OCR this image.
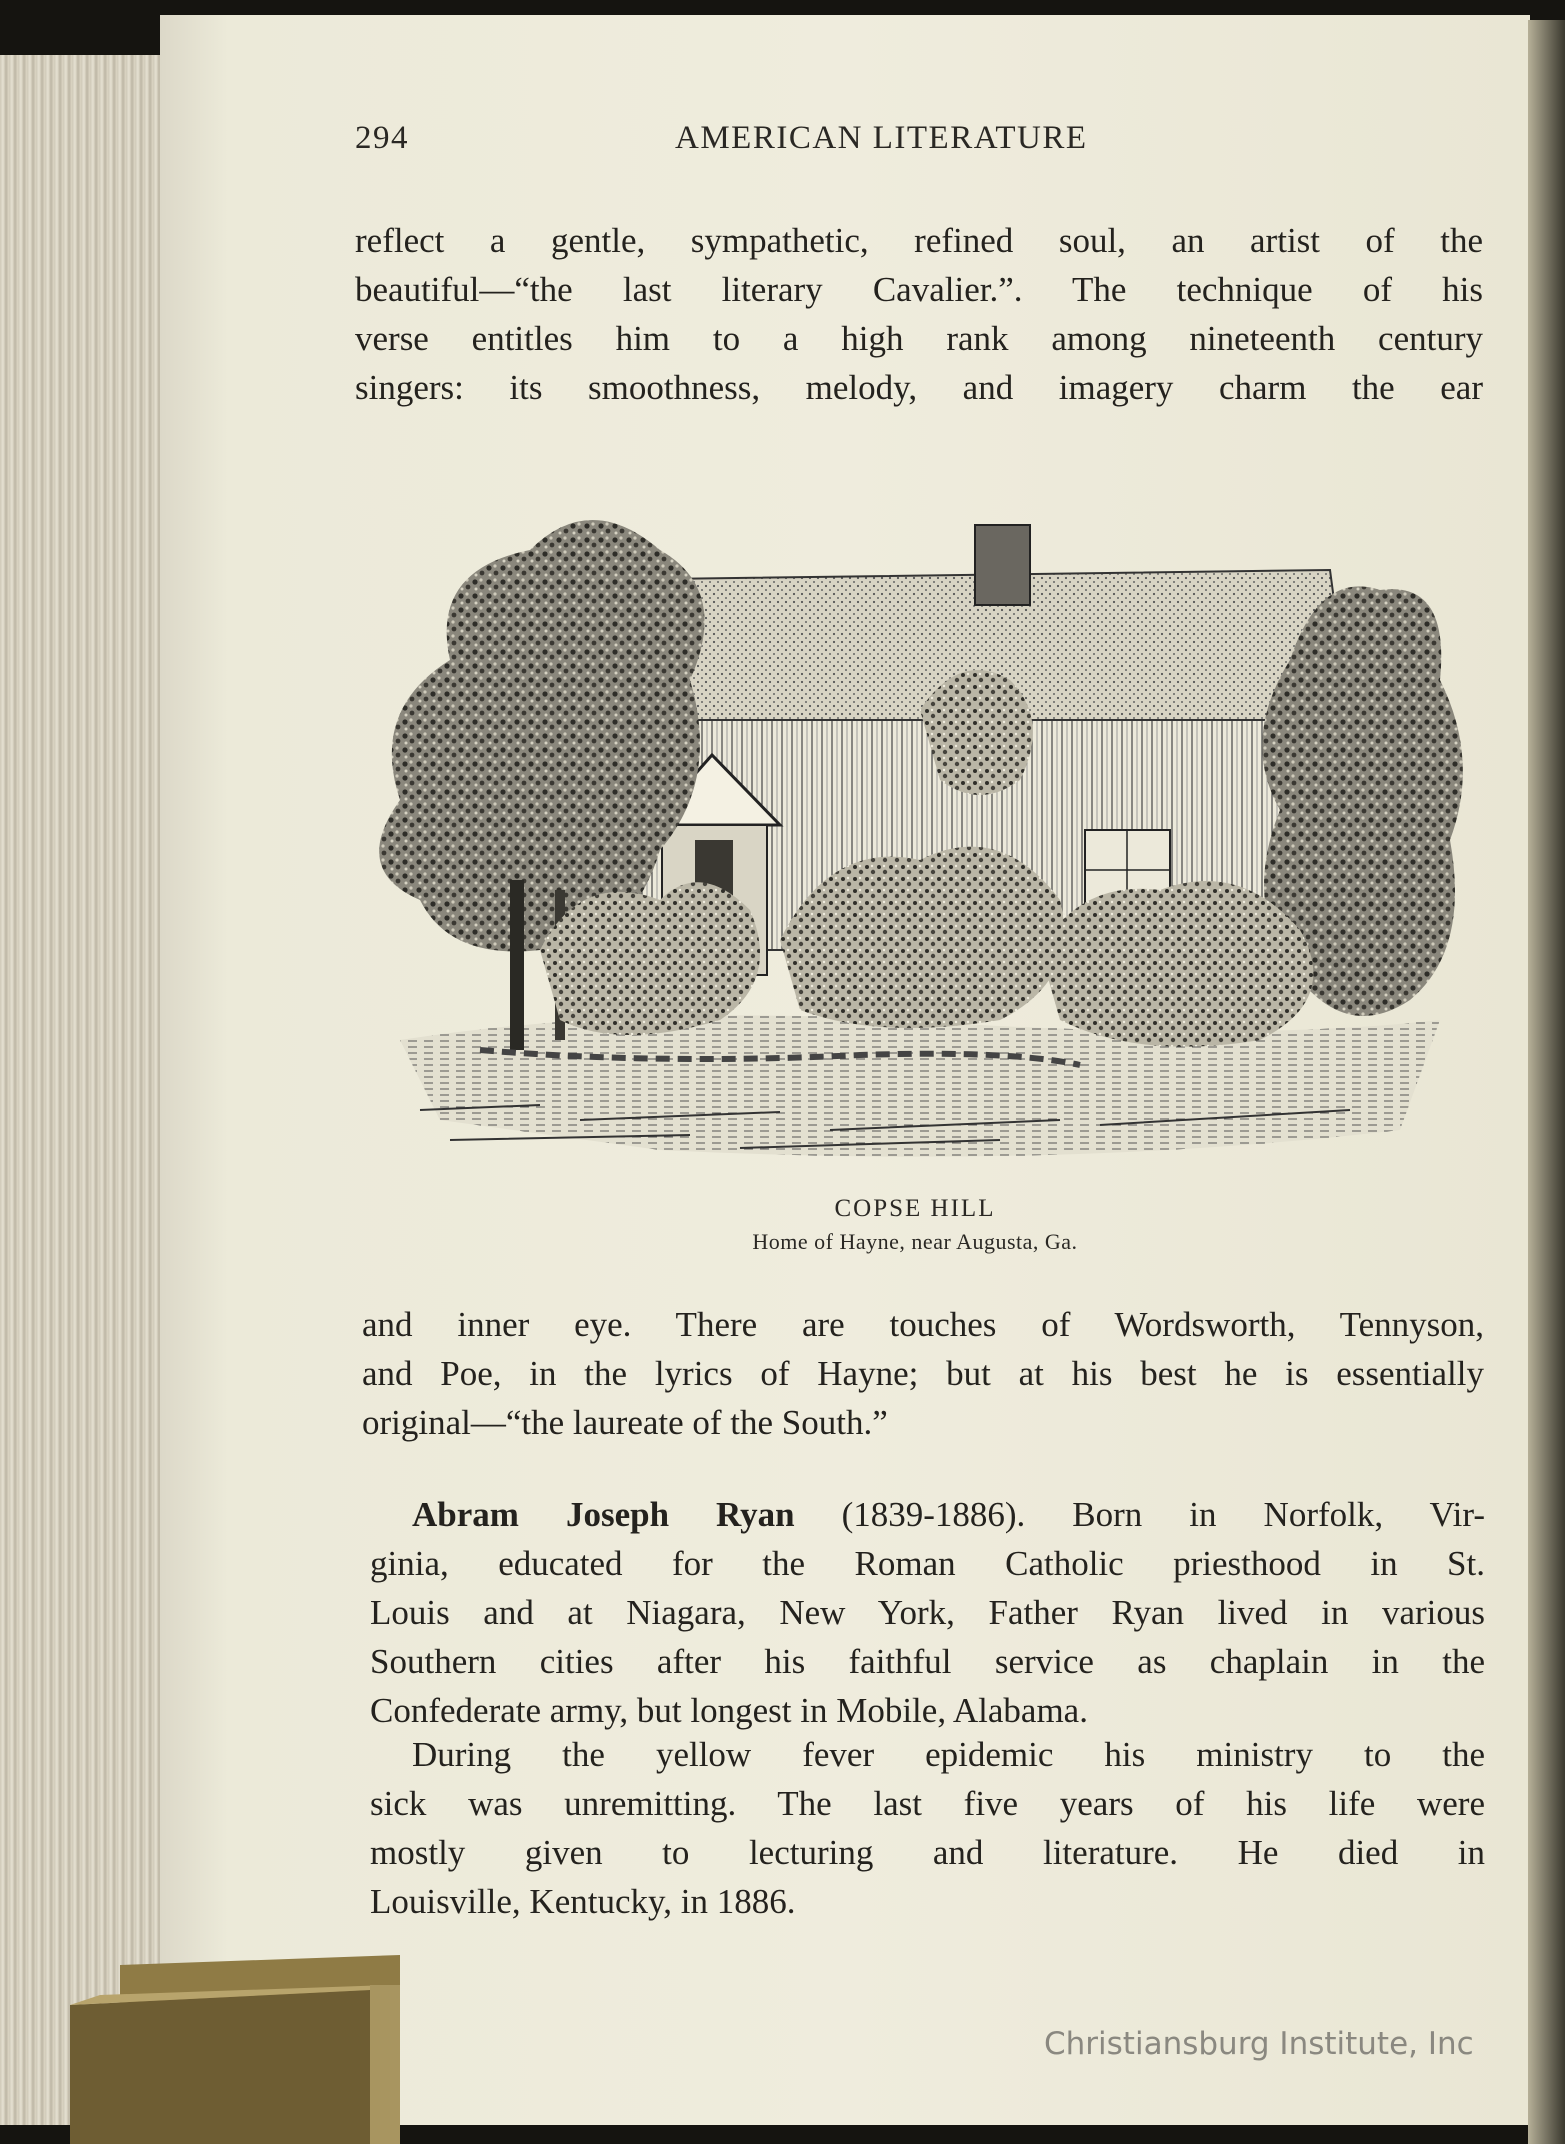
294	AMERICAN LITERATURE
reflect a gentle, sympathetic, refined soul, an artist of the
beautiful—“the last literary Cavalier.”. The technique of his
verse entitles him to a high rank among nineteenth century
singers: its smoothness, melody, and imagery charm the ear
COPSE HILL
Home of Hayne, near Augusta, Ga.
and inner eye. There are touches of Wordsworth, Tennyson,
and Poe, in the lyrics of Hayne; but at his best he is essentially
original—“the laureate of the South.”
Abram Joseph Ryan (1839-1886). Born in Norfolk, Vir-
ginia, educated for the Roman Catholic priesthood in St.
Louis and at Niagara, New York, Father Ryan lived in various
Southern cities after his faithful service as chaplain in the
Confederate army, but longest in Mobile, Alabama.
During the yellow fever epidemic his ministry to the
sick was unremitting. The last five years of his life were
mostly given to lecturing and literature. He died in
Louisville, Kentucky, in 1886.
Christiansburg Institute, Inc
